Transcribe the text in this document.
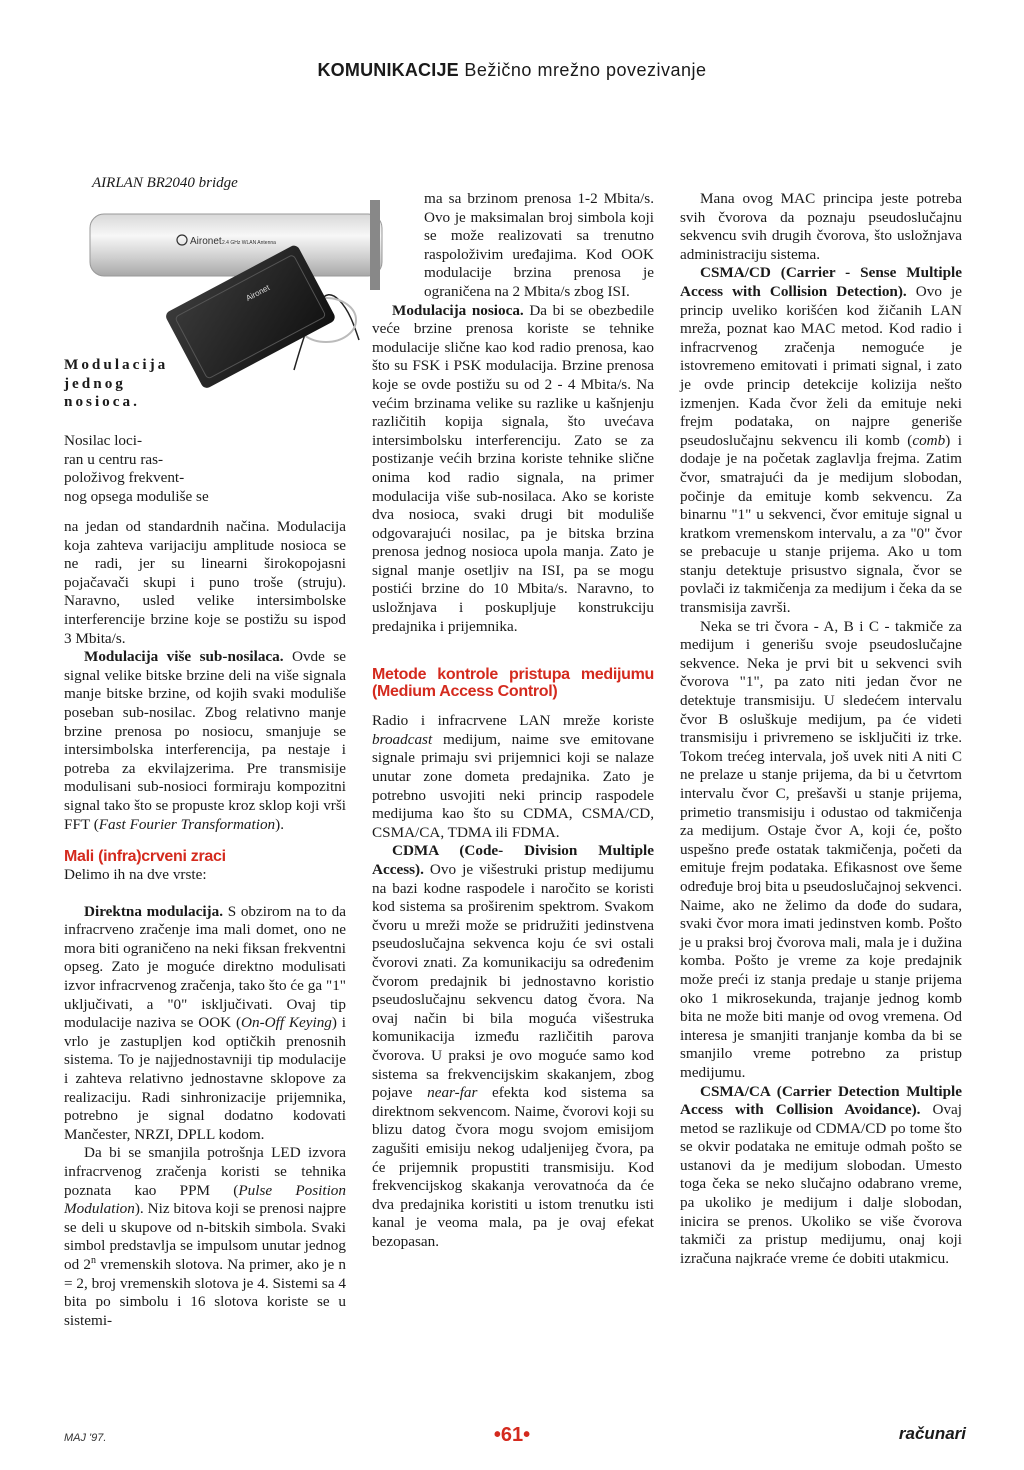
KOMUNIKACIJE Bežično mrežno povezivanje
AIRLAN BR2040 bridge
Aironet 2.4 GHz WLAN Antenna
Aironet
Modulacija jednog nosioca.
Nosilac loci-
ran u centru ras-
položivog frekvent-
nog opsega moduliše se

na jedan od standardnih načina. Modulacija koja zahteva varijaciju amplitude nosioca se ne radi, jer su linearni širokopojasni pojačavači skupi i puno troše (struju). Naravno, usled velike intersimbolske interferencije brzine koje se postižu su ispod 3 Mbita/s.

Modulacija više sub-nosilaca. Ovde se signal velike bitske brzine deli na više signala manje bitske brzine, od kojih svaki moduliše poseban sub-nosilac. Zbog relativno manje brzine prenosa po nosiocu, smanjuje se intersimbolska interferencija, pa nestaje i potreba za ekvilajzerima. Pre transmisije modulisani sub-nosioci formiraju kompozitni signal tako što se propuste kroz sklop koji vrši FFT (Fast Fourier Transformation).

Mali (infra)crveni zraci

Delimo ih na dve vrste:

Direktna modulacija. S obzirom na to da infracrveno zračenje ima mali domet, ono ne mora biti ograničeno na neki fiksan frekventni opseg. Zato je moguće direktno modulisati izvor infracrvenog zračenja, tako što će ga "1" uključivati, a "0" isključivati. Ovaj tip modulacije naziva se OOK (On-Off Keying) i vrlo je zastupljen kod optičkih prenosnih sistema. To je najjednostavniji tip modulacije i zahteva relativno jednostavne sklopove za realizaciju. Radi sinhronizacije prijemnika, potrebno je signal dodatno kodovati Mančester, NRZI, DPLL kodom.

Da bi se smanjila potrošnja LED izvora infracrvenog zračenja koristi se tehnika poznata kao PPM (Pulse Position Modulation). Niz bitova koji se prenosi najpre se deli u skupove od n-bitskih simbola. Svaki simbol predstavlja se impulsom unutar jednog od 2$^n$ vremenskih slotova. Na primer, ako je n = 2, broj vremenskih slotova je 4. Sistemi sa 4 bita po simbolu i 16 slotova koriste se u sistemi-

ma sa brzinom prenosa 1-2 Mbita/s. Ovo je maksimalan broj simbola koji se može realizovati sa trenutno raspoloživim uređajima. Kod OOK modulacije brzina prenosa je ograničena na 2 Mbita/s zbog ISI.

Modulacija nosioca. Da bi se obezbedile veće brzine prenosa koriste se tehnike modulacije slične kao kod radio prenosa, kao što su FSK i PSK modulacija. Brzine prenosa koje se ovde postižu su od 2 - 4 Mbita/s. Na većim brzinama velike su razlike u kašnjenju različitih kopija signala, što uvećava intersimbolsku interferenciju. Zato se za postizanje većih brzina koriste tehnike slične onima kod radio signala, na primer modulacija više sub-nosilaca. Ako se koriste dva nosioca, svaki drugi bit moduliše odgovarajući nosilac, pa je bitska brzina prenosa jednog nosioca upola manja. Zato je signal manje osetljiv na ISI, pa se mogu postići brzine do 10 Mbita/s. Naravno, to usložnjava i poskupljuje konstrukciju predajnika i prijemnika.

Metode kontrole pristupa medijumu (Medium Access Control)

Radio i infracrvene LAN mreže koriste broadcast medijum, naime sve emitovane signale primaju svi prijemnici koji se nalaze unutar zone dometa predajnika. Zato je potrebno usvojiti neki princip raspodele medijuma kao što su CDMA, CSMA/CD, CSMA/CA, TDMA ili FDMA.

CDMA (Code- Division Multiple Access). Ovo je višestruki pristup medijumu na bazi kodne raspodele i naročito se koristi kod sistema sa proširenim spektrom. Svakom čvoru u mreži može se pridružiti jedinstvena pseudoslučajna sekvenca koju će svi ostali čvorovi znati. Za komunikaciju sa određenim čvorom predajnik bi jednostavno koristio pseudoslučajnu sekvencu datog čvora. Na ovaj način bi bila moguća višestruka komunikacija između različitih parova čvorova. U praksi je ovo moguće samo kod sistema sa frekvencijskim skakanjem, zbog pojave near-far efekta kod sistema sa direktnom sekvencom. Naime, čvorovi koji su blizu datog čvora mogu svojom emisijom zagušiti emisiju nekog udaljenijeg čvora, pa će prijemnik propustiti transmisiju. Kod frekvencijskog skakanja verovatnoća da će dva predajnika koristiti u istom trenutku isti kanal je veoma mala, pa je ovaj efekat bezopasan.

Mana ovog MAC principa jeste potreba svih čvorova da poznaju pseudoslučajnu sekvencu svih drugih čvorova, što usložnjava administraciju sistema.

CSMA/CD (Carrier - Sense Multiple Access with Collision Detection). Ovo je princip uveliko korišćen kod žičanih LAN mreža, poznat kao MAC metod. Kod radio i infracrvenog zračenja nemoguće je istovremeno emitovati i primati signal, i zato je ovde princip detekcije kolizija nešto izmenjen. Kada čvor želi da emituje neki frejm podataka, on najpre generiše pseudoslučajnu sekvencu ili komb (comb) i dodaje je na početak zaglavlja frejma. Zatim čvor, smatrajući da je medijum slobodan, počinje da emituje komb sekvencu. Za binarnu "1" u sekvenci, čvor emituje signal u kratkom vremenskom intervalu, a za "0" čvor se prebacuje u stanje prijema. Ako u tom stanju detektuje prisustvo signala, čvor se povlači iz takmičenja za medijum i čeka da se transmisija završi.

Neka se tri čvora - A, B i C - takmiče za medijum i generišu svoje pseudoslučajne sekvence. Neka je prvi bit u sekvenci svih čvorova "1", pa zato niti jedan čvor ne detektuje transmisiju. U sledećem intervalu čvor B osluškuje medijum, pa će videti transmisiju i privremeno se isključiti iz trke. Tokom trećeg intervala, još uvek niti A niti C ne prelaze u stanje prijema, da bi u četvrtom intervalu čvor C, prešavši u stanje prijema, primetio transmisiju i odustao od takmičenja za medijum. Ostaje čvor A, koji će, pošto uspešno pređe ostatak takmičenja, početi da emituje frejm podataka. Efikasnost ove šeme određuje broj bita u pseudoslučajnoj sekvenci. Naime, ako ne želimo da dođe do sudara, svaki čvor mora imati jedinstven komb. Pošto je u praksi broj čvorova mali, mala je i dužina komba. Pošto je vreme za koje predajnik može preći iz stanja predaje u stanje prijema oko 1 mikrosekunda, trajanje jednog komb bita ne može biti manje od ovog vremena. Od interesa je smanjiti tranjanje komba da bi se smanjilo vreme potrebno za pristup medijumu.

CSMA/CA (Carrier Detection Multiple Access with Collision Avoidance). Ovaj metod se razlikuje od CDMA/CD po tome što se okvir podataka ne emituje odmah pošto se ustanovi da je medijum slobodan. Umesto toga čeka se neko slučajno odabrano vreme, pa ukoliko je medijum i dalje slobodan, inicira se prenos. Ukoliko se više čvorova takmiči za pristup medijumu, onaj koji izračuna najkraće vreme će dobiti utakmicu.

MAJ '97.	•61•	računari
